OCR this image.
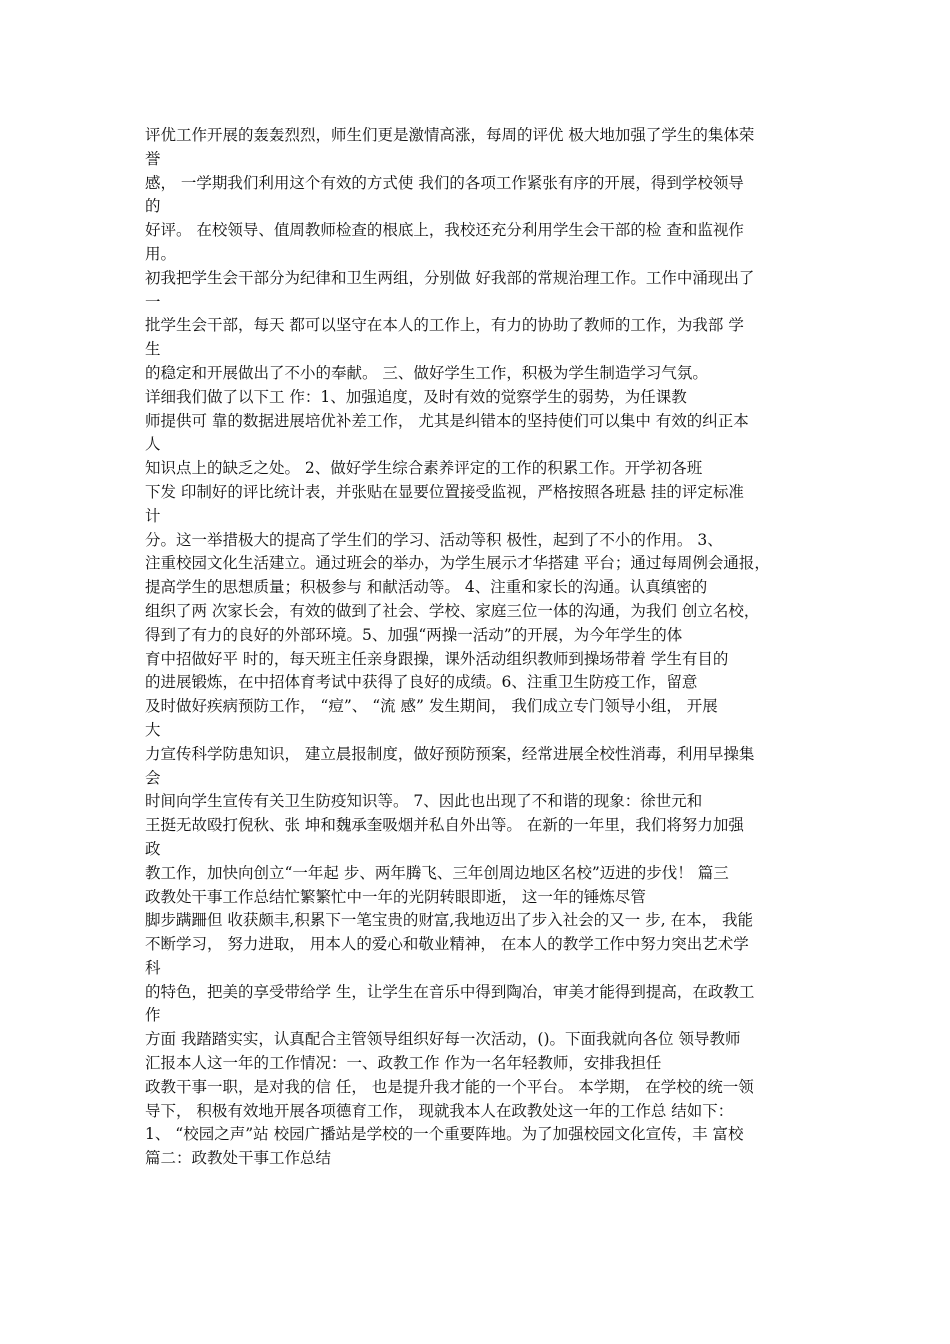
评优工作开展的轰轰烈烈，师生们更是激情高涨，每周的评优 极大地加强了学生的集体荣
誉
感， 一学期我们利用这个有效的方式使 我们的各项工作紧张有序的开展，得到学校领导
的
好评。 在校领导、值周教师检查的根底上，我校还充分利用学生会干部的检 查和监视作
用。
初我把学生会干部分为纪律和卫生两组，分别做 好我部的常规治理工作。工作中涌现出了
一
批学生会干部，每天 都可以坚守在本人的工作上，有力的协助了教师的工作，为我部 学
生
的稳定和开展做出了不小的奉献。 三、做好学生工作，积极为学生制造学习气氛。
详细我们做了以下工 作：1、加强追度，及时有效的觉察学生的弱势，为任课教
师提供可 靠的数据进展培优补差工作， 尤其是纠错本的坚持使们可以集中 有效的纠正本
人
知识点上的缺乏之处。 2、做好学生综合素养评定的工作的积累工作。开学初各班
下发 印制好的评比统计表，并张贴在显要位置接受监视，严格按照各班悬 挂的评定标准
计
分。这一举措极大的提高了学生们的学习、活动等积 极性，起到了不小的作用。 3、
注重校园文化生活建立。通过班会的举办，为学生展示才华搭建 平台；通过每周例会通报，
提高学生的思想质量；积极参与 和献活动等。 4、注重和家长的沟通。认真缜密的
组织了两 次家长会，有效的做到了社会、学校、家庭三位一体的沟通，为我们 创立名校，
得到了有力的良好的外部环境。5、加强“两操一活动”的开展，为今年学生的体
育中招做好平 时的，每天班主任亲身跟操，课外活动组织教师到操场带着 学生有目的
的进展锻炼，在中招体育考试中获得了良好的成绩。6、注重卫生防疫工作，留意
及时做好疾病预防工作， “痘”、 “流 感” 发生期间， 我们成立专门领导小组， 开展
大
力宣传科学防患知识， 建立晨报制度，做好预防预案，经常进展全校性消毒，利用早操集
会
时间向学生宣传有关卫生防疫知识等。 7、因此也出现了不和谐的现象：徐世元和
王挺无故殴打倪秋、张 坤和魏承奎吸烟并私自外出等。 在新的一年里，我们将努力加强
政
教工作，加快向创立“一年起 步、两年腾飞、三年创周边地区名校”迈进的步伐！ 篇三
政教处干事工作总结忙繁繁忙中一年的光阴转眼即逝， 这一年的锤炼尽管
脚步蹒跚但 收获颇丰,积累下一笔宝贵的财富,我地迈出了步入社会的又一 步, 在本， 我能
不断学习， 努力进取， 用本人的爱心和敬业精神， 在本人的教学工作中努力突出艺术学
科
的特色，把美的享受带给学 生，让学生在音乐中得到陶冶，审美才能得到提高，在政教工
作
方面 我踏踏实实，认真配合主管领导组织好每一次活动，()。下面我就向各位 领导教师
汇报本人这一年的工作情况：一、政教工作 作为一名年轻教师，安排我担任
政教干事一职，是对我的信 任， 也是提升我才能的一个平台。 本学期， 在学校的统一领
导下， 积极有效地开展各项德育工作， 现就我本人在政教处这一年的工作总 结如下：
1、 “校园之声”站 校园广播站是学校的一个重要阵地。为了加强校园文化宣传，丰 富校
篇二：政教处干事工作总结
